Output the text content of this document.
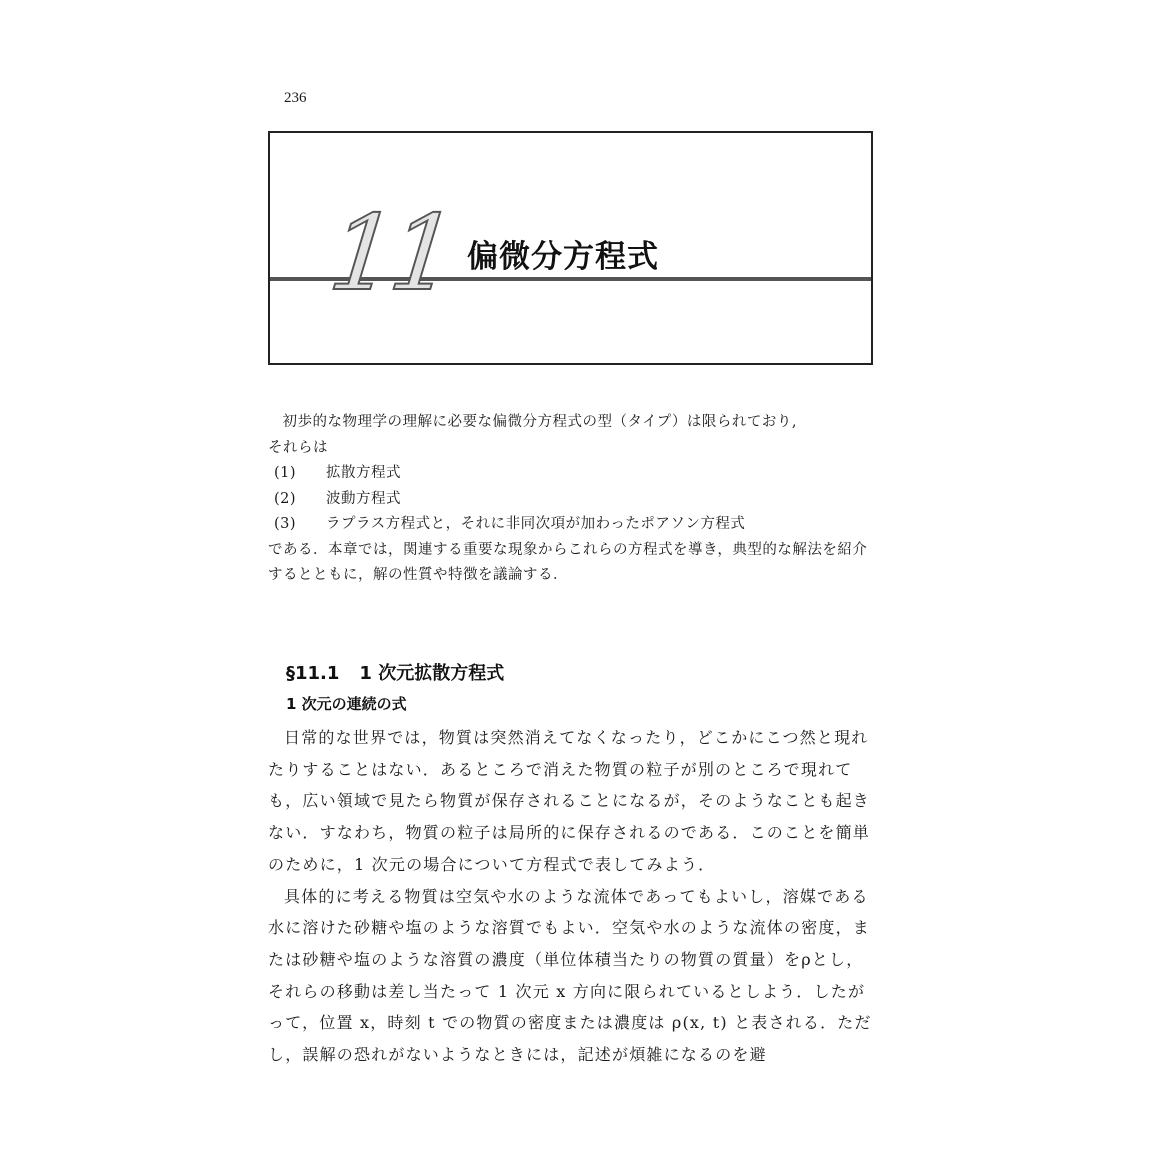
236
11 偏微分方程式

初歩的な物理学の理解に必要な偏微分方程式の型（タイプ）は限られており,

それらは

(1) 拡散方程式

(2) 波動方程式

(3) ラプラス方程式と，それに非同次項が加わったポアソン方程式

である．本章では，関連する重要な現象からこれらの方程式を導き，典型的な解法を紹介するとともに，解の性質や特徴を議論する．

§11.1 1 次元拡散方程式
1 次元の連続の式

日常的な世界では，物質は突然消えてなくなったり，どこかにこつ然と現れたりすることはない．あるところで消えた物質の粒子が別のところで現れても，広い領域で見たら物質が保存されることになるが，そのようなことも起きない．すなわち，物質の粒子は局所的に保存されるのである．このことを簡単のために，1 次元の場合について方程式で表してみよう．

具体的に考える物質は空気や水のような流体であってもよいし，溶媒である水に溶けた砂糖や塩のような溶質でもよい．空気や水のような流体の密度，または砂糖や塩のような溶質の濃度（単位体積当たりの物質の質量）をρとし，それらの移動は差し当たって 1 次元 x 方向に限られているとしよう．したがって，位置 x，時刻 t での物質の密度または濃度は ρ(x, t) と表される．ただし，誤解の恐れがないようなときには，記述が煩雑になるのを避
